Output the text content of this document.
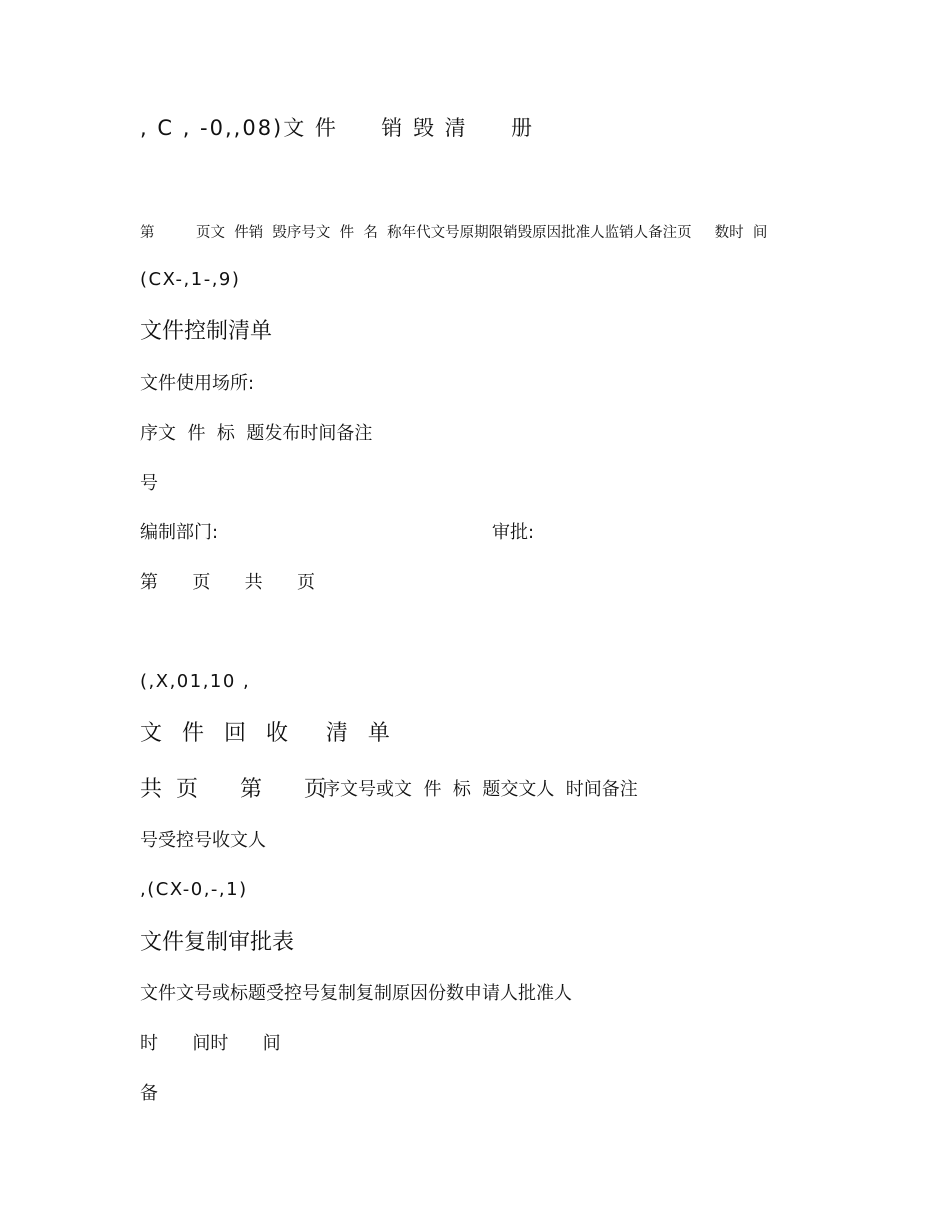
, C , -0,,08)文 件     销 毁 清     册
第         页文  件销  毁序号文  件  名  称年代文号原期限销毁原因批准人监销人备注页     数时  间
(CX-,1-,9)
文件控制清单
文件使用场所:
序文  件  标  题发布时间备注
号
编制部门:	审批:
第      页      共      页
(,X,01,10 ,
文  件  回  收    清  单
共  页      第      页
序文号或文  件  标  题交文人  时间备注
号受控号收文人
,(CX-0,-,1)
文件复制审批表
文件文号或标题受控号复制复制原因份数申请人批准人
时      间时      间
备
